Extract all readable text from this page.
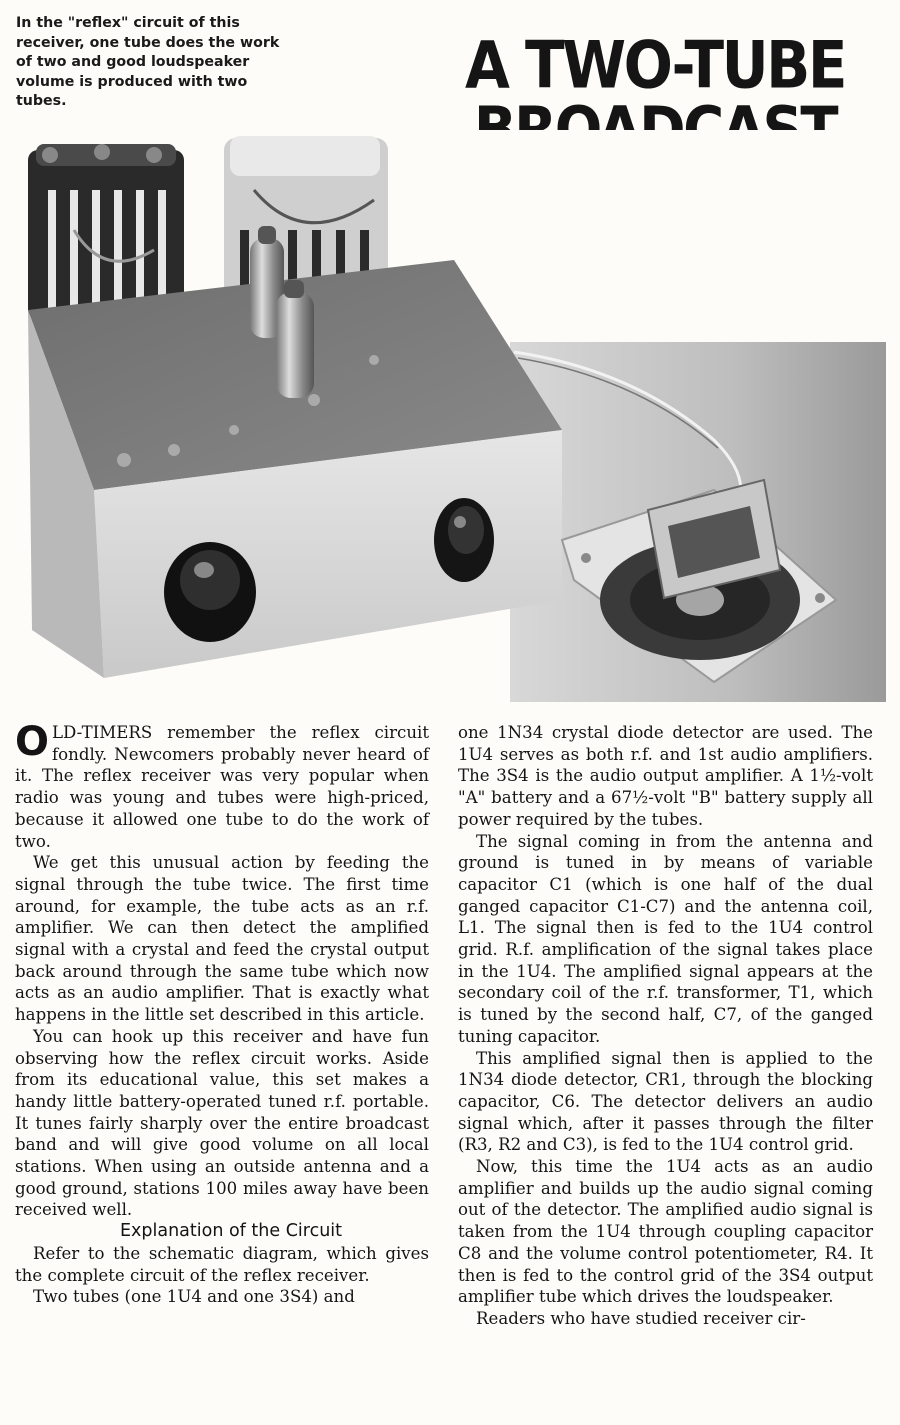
In the "reflex" circuit of this receiver, one tube does the work of two and good loudspeaker volume is produced with two tubes.	A TWO-TUBE

OLD-TIMERS remember the reflex circuit fondly. Newcomers probably never heard of it. The reflex receiver was very popular when radio was young and tubes were high-priced, because it allowed one tube to do the work of two.

We get this unusual action by feeding the signal through the tube twice. The first time around, for example, the tube acts as an r.f. amplifier. We can then detect the amplified signal with a crystal and feed the crystal output back around through the same tube which now acts as an audio amplifier. That is exactly what happens in the little set described in this article.

You can hook up this receiver and have fun observing how the reflex circuit works. Aside from its educational value, this set makes a handy little battery-operated tuned r.f. portable. It tunes fairly sharply over the entire broadcast band and will give good volume on all local stations. When using an outside antenna and a good ground, stations 100 miles away have been received well.

Explanation of the Circuit

Refer to the schematic diagram, which gives the complete circuit of the reflex receiver.

Two tubes (one 1U4 and one 3S4) and

one 1N34 crystal diode detector are used. The 1U4 serves as both r.f. and 1st audio amplifiers. The 3S4 is the audio output amplifier. A 1½-volt "A" battery and a 67½-volt "B" battery supply all power required by the tubes.

The signal coming in from the antenna and ground is tuned in by means of variable capacitor C1 (which is one half of the dual ganged capacitor C1-C7) and the antenna coil, L1. The signal then is fed to the 1U4 control grid. R.f. amplification of the signal takes place in the 1U4. The amplified signal appears at the secondary coil of the r.f. transformer, T1, which is tuned by the second half, C7, of the ganged tuning capacitor.

This amplified signal then is applied to the 1N34 diode detector, CR1, through the blocking capacitor, C6. The detector delivers an audio signal which, after it passes through the filter (R3, R2 and C3), is fed to the 1U4 control grid.

Now, this time the 1U4 acts as an audio amplifier and builds up the audio signal coming out of the detector. The amplified audio signal is taken from the 1U4 through coupling capacitor C8 and the volume control potentiometer, R4. It then is fed to the control grid of the 3S4 output amplifier tube which drives the loudspeaker.

Readers who have studied receiver cir-
